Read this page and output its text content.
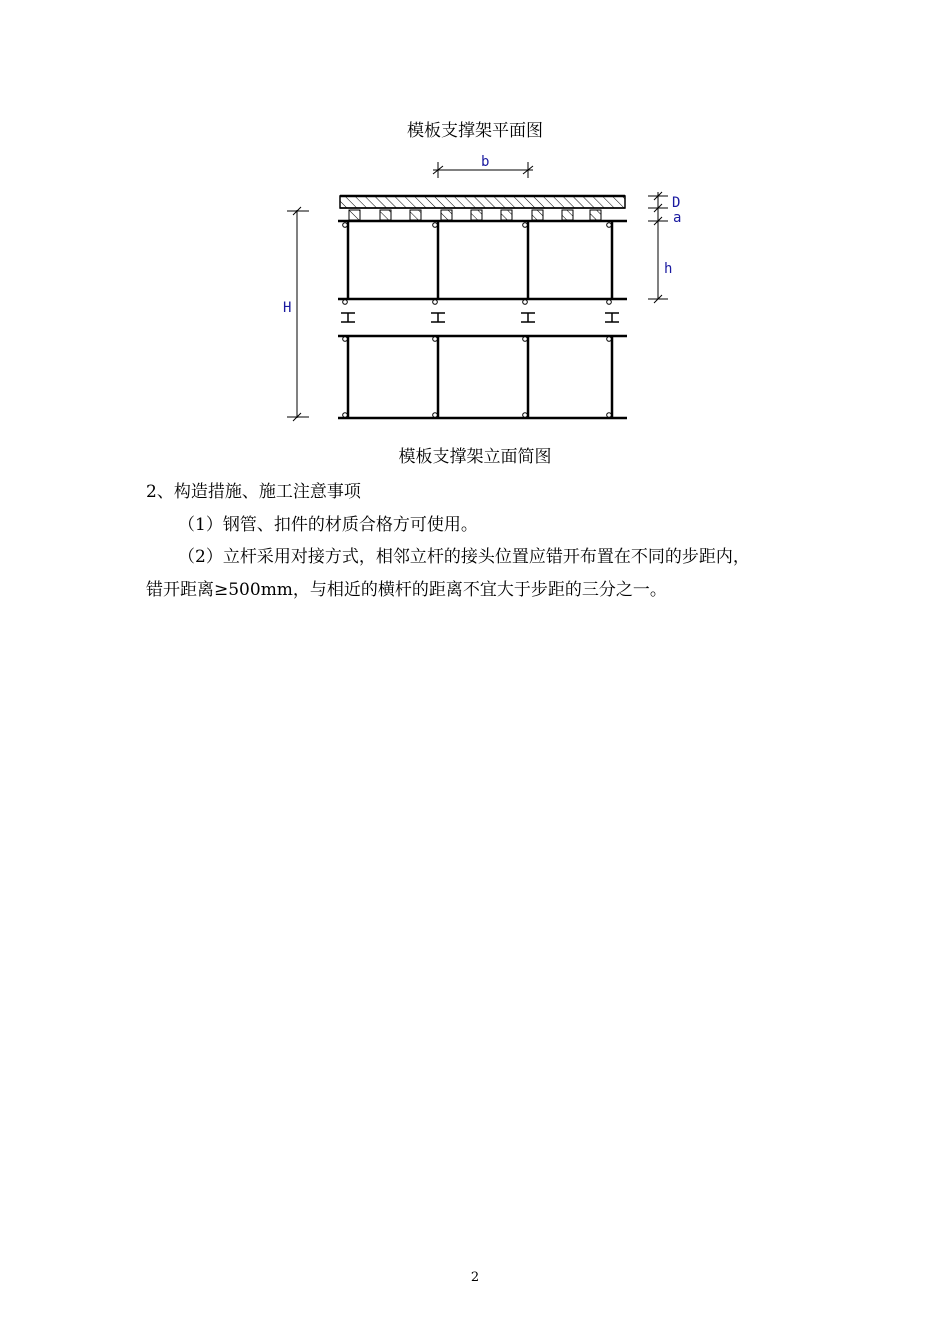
模板支撑架平面图
b
D
a
h
H
模板支撑架立面简图
2、构造措施、施工注意事项
（1）钢管、扣件的材质合格方可使用。
（2）立杆采用对接方式，相邻立杆的接头位置应错开布置在不同的步距内，
错开距离≥500mm，与相近的横杆的距离不宜大于步距的三分之一。
2
